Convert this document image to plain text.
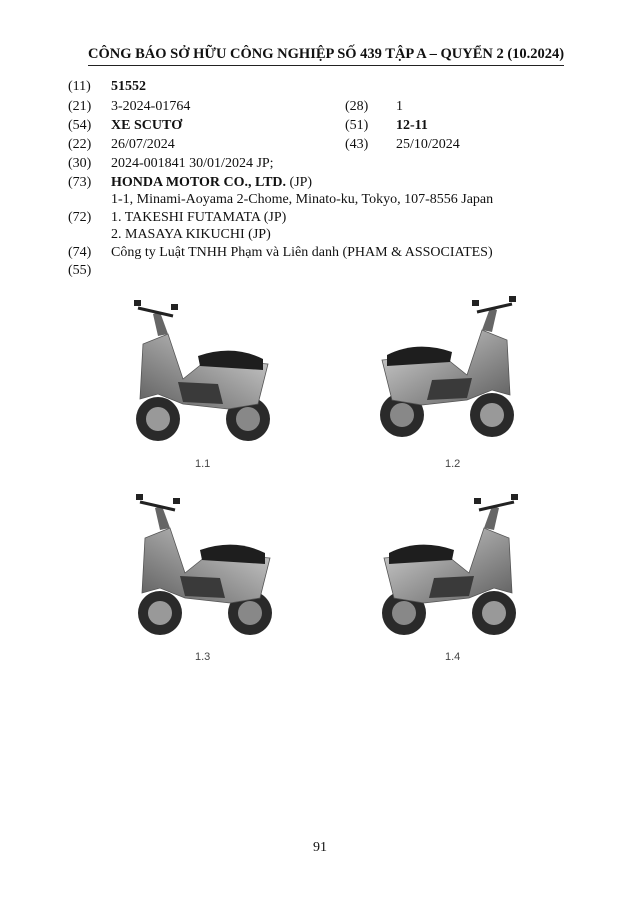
CÔNG BÁO SỞ HỮU CÔNG NGHIỆP SỐ 439 TẬP A – QUYỂN 2 (10.2024)
(11) 51552
(21) 3-2024-01764	(28) 1
(54) XE SCUTƠ	(51) 12-11
(22) 26/07/2024	(43) 25/10/2024
(30) 2024-001841 30/01/2024 JP;
(73) HONDA MOTOR CO., LTD. (JP)
1-1, Minami-Aoyama 2-Chome, Minato-ku, Tokyo, 107-8556 Japan
(72) 1. TAKESHI FUTAMATA (JP)
2. MASAYA KIKUCHI (JP)
(74) Công ty Luật TNHH Phạm và Liên danh (PHAM & ASSOCIATES)
(55)
1.1	1.2
1.3	1.4
91
